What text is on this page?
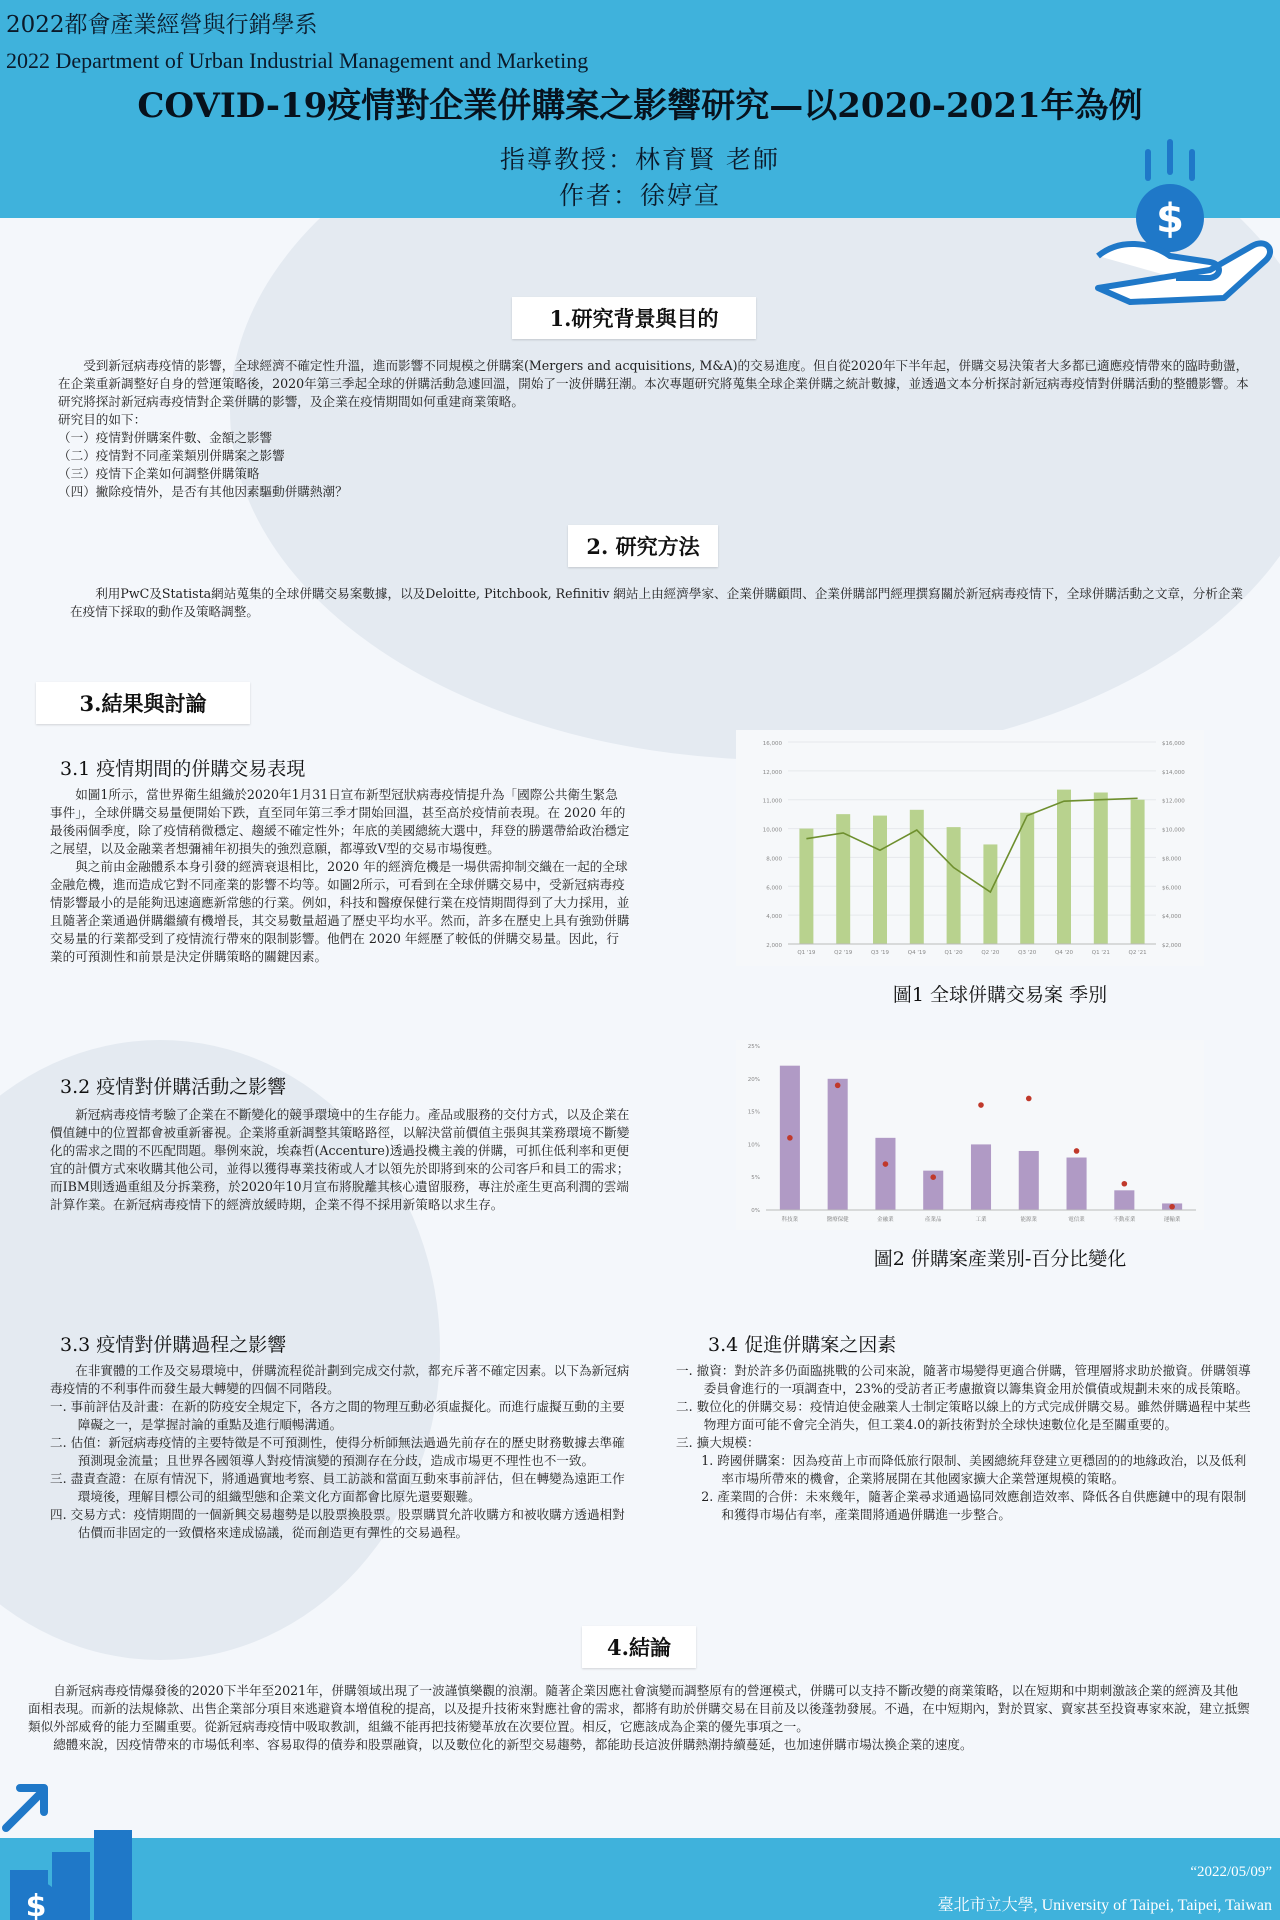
2022都會產業經營與行銷學系
2022 Department of Urban Industrial Management and Marketing
COVID-19疫情對企業併購案之影響研究—以2020-2021年為例
指導教授：林育賢 老師
作者：徐婷宣
$
1.研究背景與目的

受到新冠病毒疫情的影響，全球經濟不確定性升溫，進而影響不同規模之併購案(Mergers and acquisitions, M&A)的交易進度。但自從2020年下半年起，併購交易決策者大多都已適應疫情帶來的臨時動盪，在企業重新調整好自身的營運策略後，2020年第三季起全球的併購活動急遽回溫，開始了一波併購狂潮。本次專題研究將蒐集全球企業併購之統計數據，並透過文本分析探討新冠病毒疫情對併購活動的整體影響。本研究將探討新冠病毒疫情對企業併購的影響，及企業在疫情期間如何重建商業策略。

研究目的如下：
（一）疫情對併購案件數、金額之影響
（二）疫情對不同產業類別併購案之影響
（三）疫情下企業如何調整併購策略
（四）撇除疫情外，是否有其他因素驅動併購熱潮？
2. 研究方法

利用PwC及Statista網站蒐集的全球併購交易案數據，以及Deloitte, Pitchbook, Refinitiv 網站上由經濟學家、企業併購顧問、企業併購部門經理撰寫關於新冠病毒疫情下，全球併購活動之文章，分析企業在疫情下採取的動作及策略調整。

3.結果與討論
3.1 疫情期間的併購交易表現

如圖1所示，當世界衛生組織於2020年1月31日宣布新型冠狀病毒疫情提升為「國際公共衛生緊急事件」，全球併購交易量便開始下跌，直至同年第三季才開始回溫，甚至高於疫情前表現。在 2020 年的最後兩個季度，除了疫情稍微穩定、趨緩不確定性外；年底的美國總統大選中，拜登的勝選帶給政治穩定之展望，以及金融業者想彌補年初損失的強烈意願，都導致V型的交易市場復甦。

與之前由金融體系本身引發的經濟衰退相比，2020 年的經濟危機是一場供需抑制交織在一起的全球金融危機，進而造成它對不同產業的影響不均等。如圖2所示，可看到在全球併購交易中，受新冠病毒疫情影響最小的是能夠迅速適應新常態的行業。例如，科技和醫療保健行業在疫情期間得到了大力採用，並且隨著企業通過併購繼續有機增長，其交易數量超過了歷史平均水平。然而，許多在歷史上具有強勁併購交易量的行業都受到了疫情流行帶來的限制影響。他們在 2020 年經歷了較低的併購交易量。因此，行業的可預測性和前景是決定併購策略的關鍵因素。

16,000
12,000
11,000
10,000
8,000
6,000
4,000
2,000
$16,000
$14,000
$12,000
$10,000
$8,000
$6,000
$4,000
$2,000
Q1 '19	Q2 '19	Q3 '19	Q4 '19	Q1 '20	Q2 '20	Q3 '20	Q4 '20	Q1 '21	Q2 '21
圖1 全球併購交易案 季別
3.2 疫情對併購活動之影響

新冠病毒疫情考驗了企業在不斷變化的競爭環境中的生存能力。產品或服務的交付方式，以及企業在價值鏈中的位置都會被重新審視。企業將重新調整其策略路徑，以解決當前價值主張與其業務環境不斷變化的需求之間的不匹配問題。舉例來說，埃森哲(Accenture)透過投機主義的併購，可抓住低利率和更便宜的計價方式來收購其他公司，並得以獲得專業技術或人才以領先於即將到來的公司客戶和員工的需求；而IBM則透過重組及分拆業務，於2020年10月宣布將脫離其核心遺留服務，專注於產生更高利潤的雲端計算作業。在新冠病毒疫情下的經濟放緩時期，企業不得不採用新策略以求生存。

25%
20%
15%
10%
5%
0%
科技業	醫療保健	金融業	產業品	工業	能源業	電信業	不動產業	運輸業
圖2 併購案產業別-百分比變化
3.3 疫情對併購過程之影響

在非實體的工作及交易環境中，併購流程從計劃到完成交付款，都充斥著不確定因素。以下為新冠病毒疫情的不利事件而發生最大轉變的四個不同階段。

一. 事前評估及計畫：在新的防疫安全規定下，各方之間的物理互動必須虛擬化。而進行虛擬互動的主要障礙之一，是掌握討論的重點及進行順暢溝通。
二. 估值：新冠病毒疫情的主要特徵是不可預測性，使得分析師無法過過先前存在的歷史財務數據去準確預測現金流量；且世界各國領導人對疫情演變的預測存在分歧，造成市場更不理性也不一致。
三. 盡責查證：在原有情況下，將通過實地考察、員工訪談和當面互動來事前評估，但在轉變為遠距工作環境後，理解目標公司的組織型態和企業文化方面都會比原先還要艱難。
四. 交易方式：疫情期間的一個新興交易趨勢是以股票換股票。股票購買允許收購方和被收購方透過相對估價而非固定的一致價格來達成協議，從而創造更有彈性的交易過程。
3.4 促進併購案之因素
一. 撤資：對於許多仍面臨挑戰的公司來說，隨著市場變得更適合併購，管理層將求助於撤資。併購領導委員會進行的一項調查中，23%的受訪者正考慮撤資以籌集資金用於償債或規劃未來的成長策略。
二. 數位化的併購交易：疫情迫使金融業人士制定策略以線上的方式完成併購交易。雖然併購過程中某些物理方面可能不會完全消失，但工業4.0的新技術對於全球快速數位化是至關重要的。
三. 擴大規模：
1. 跨國併購案：因為疫苗上市而降低旅行限制、美國總統拜登建立更穩固的的地緣政治，以及低利率市場所帶來的機會，企業將展開在其他國家擴大企業營運規模的策略。
2. 產業間的合併：未來幾年，隨著企業尋求通過協同效應創造效率、降低各自供應鏈中的現有限制和獲得市場佔有率，產業間將通過併購進一步整合。
4.結論

自新冠病毒疫情爆發後的2020下半年至2021年，併購領域出現了一波謹慎樂觀的浪潮。隨著企業因應社會演變而調整原有的營運模式，併購可以支持不斷改變的商業策略，以在短期和中期刺激該企業的經濟及其他面相表現。而新的法規條款、出售企業部分項目來逃避資本增值稅的提高，以及提升技術來對應社會的需求，都將有助於併購交易在目前及以後蓬勃發展。不過，在中短期內，對於買家、賣家甚至投資專家來說，建立抵禦類似外部威脅的能力至關重要。從新冠病毒疫情中吸取教訓，組織不能再把技術變革放在次要位置。相反，它應該成為企業的優先事項之一。

總體來說，因疫情帶來的市場低利率、容易取得的債券和股票融資，以及數位化的新型交易趨勢，都能助長這波併購熱潮持續蔓延，也加速併購市場汰換企業的速度。

$
“2022/05/09”
臺北市立大學, University of Taipei, Taipei, Taiwan
